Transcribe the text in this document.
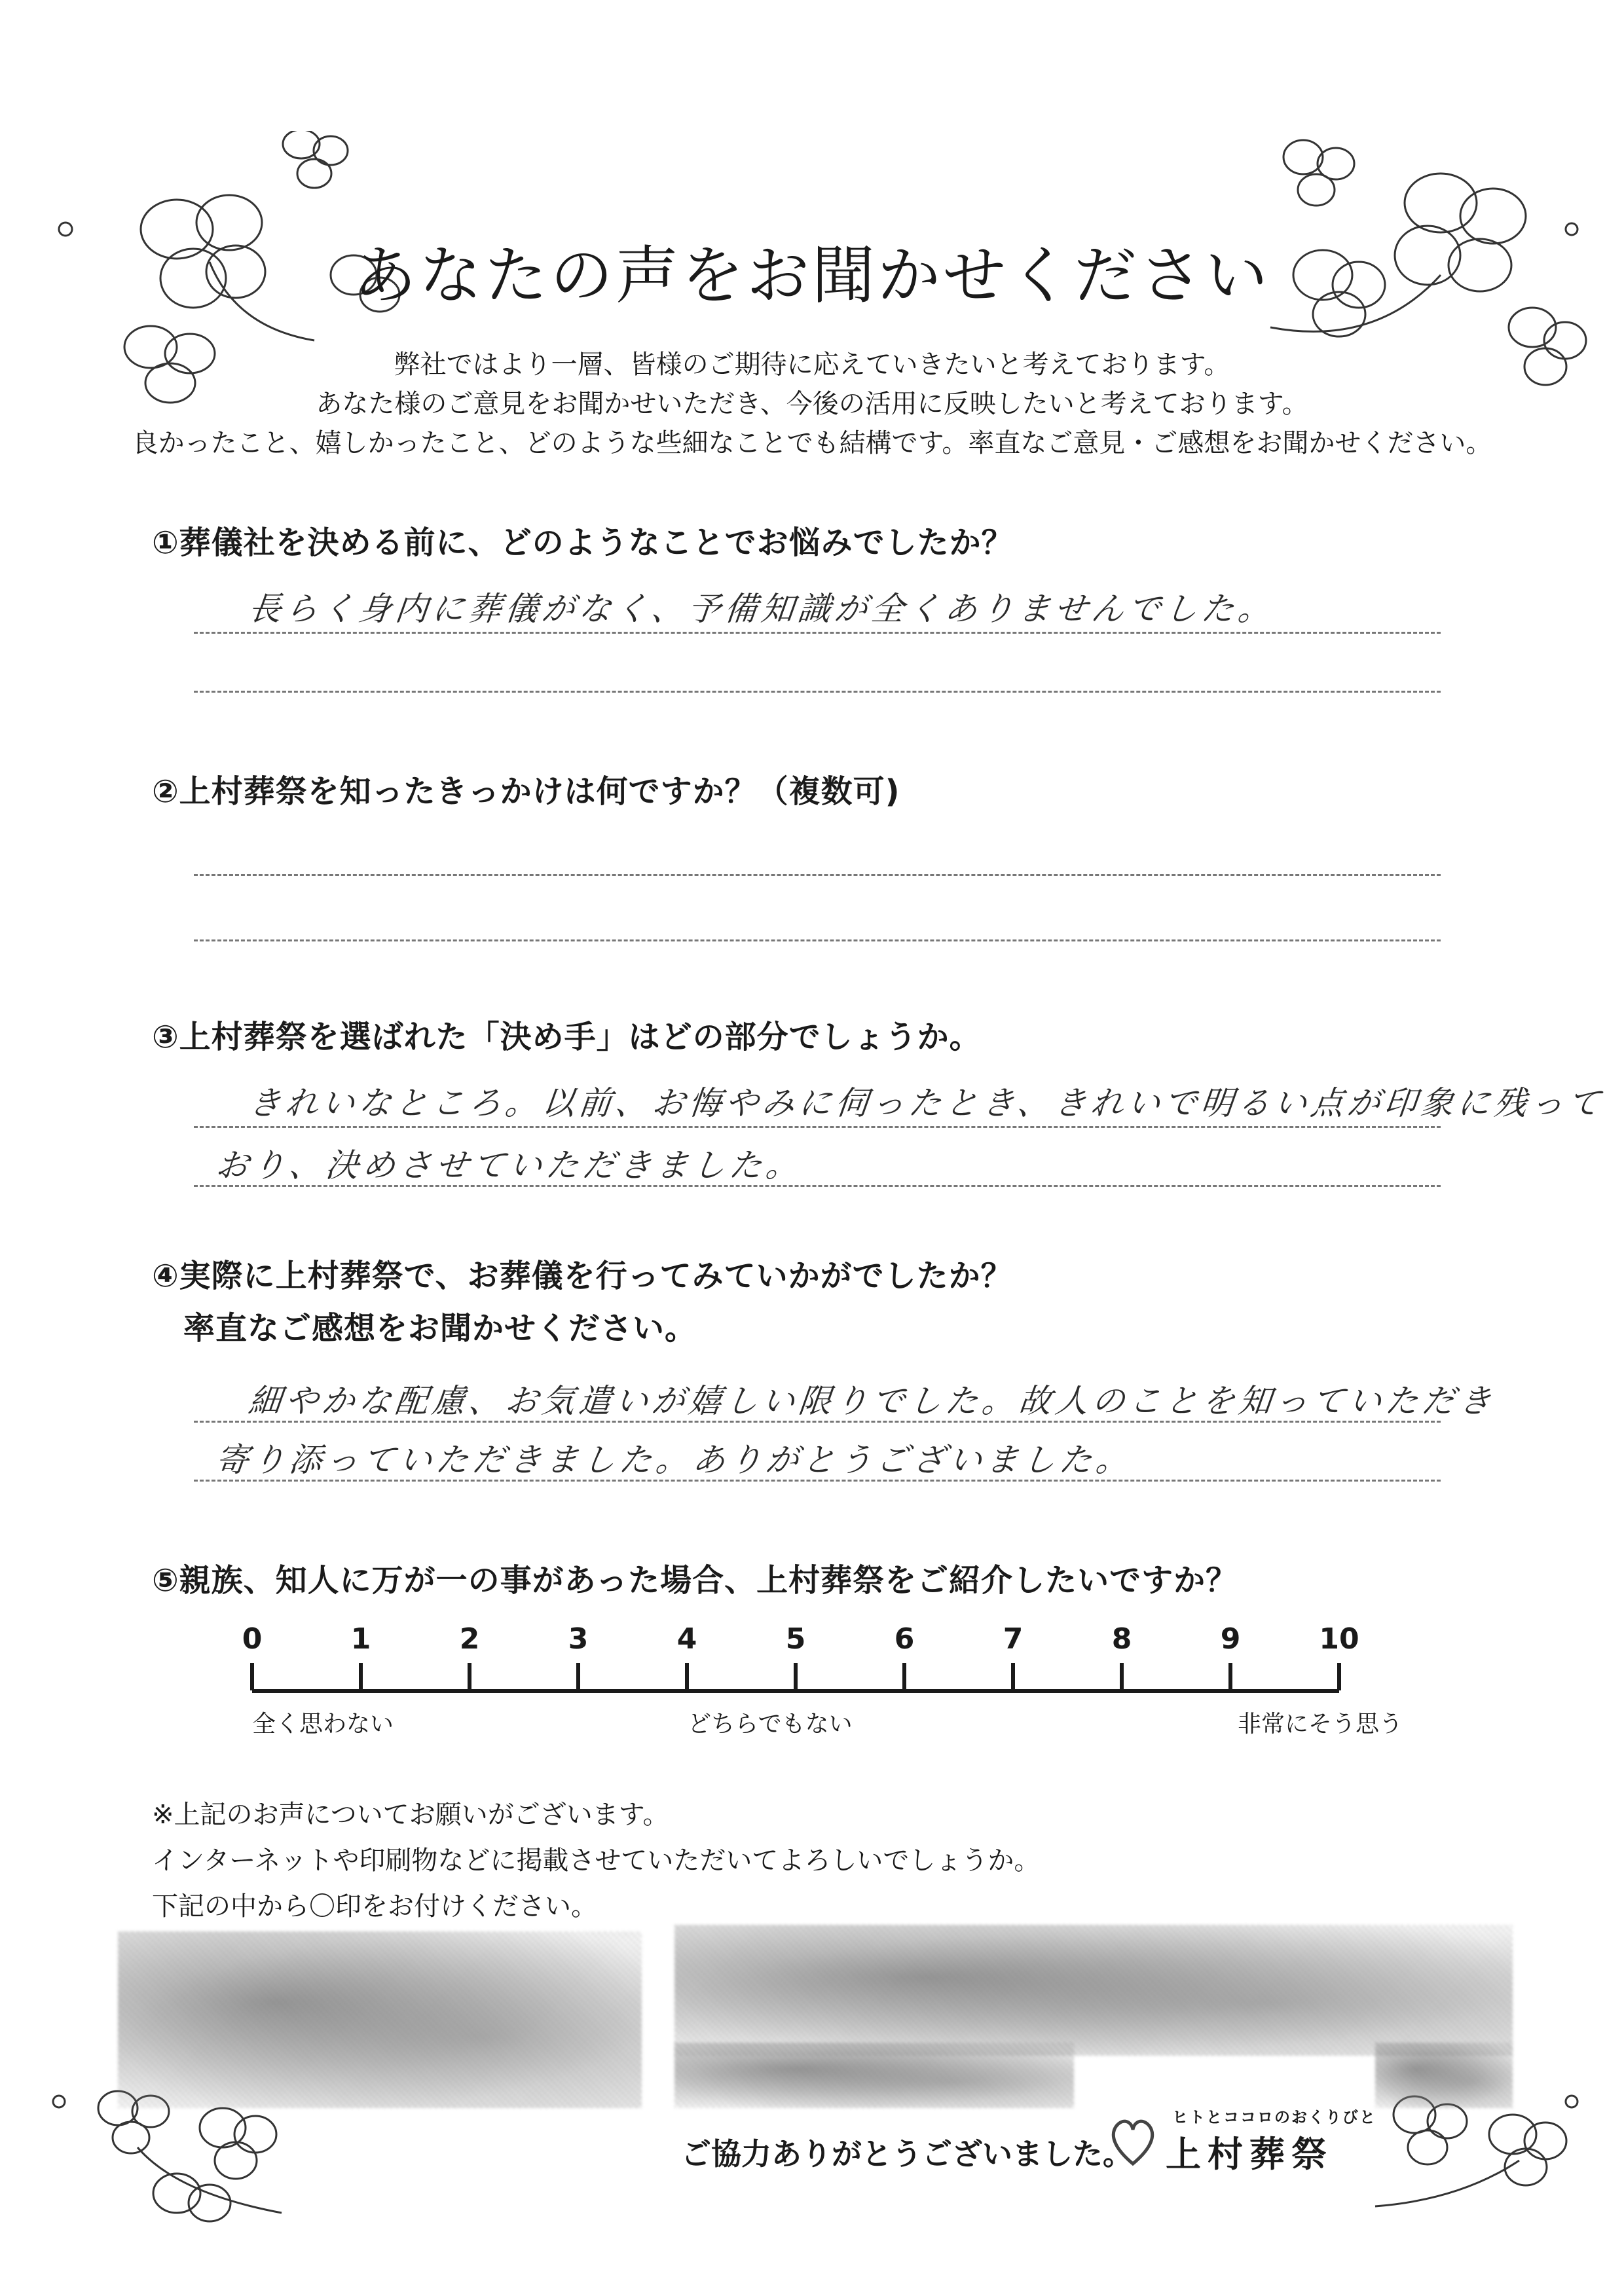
あなたの声をお聞かせください
弊社ではより一層、皆様のご期待に応えていきたいと考えております。
あなた様のご意見をお聞かせいただき、今後の活用に反映したいと考えております。
良かったこと、嬉しかったこと、どのような些細なことでも結構です。率直なご意見・ご感想をお聞かせください。
①葬儀社を決める前に、どのようなことでお悩みでしたか？
長らく身内に葬儀がなく、予備知識が全くありませんでした。
②上村葬祭を知ったきっかけは何ですか？（複数可)
③上村葬祭を選ばれた「決め手」はどの部分でしょうか。
きれいなところ。以前、お悔やみに伺ったとき、きれいで明るい点が印象に残って
おり、決めさせていただきました。
④実際に上村葬祭で、お葬儀を行ってみていかがでしたか？
率直なご感想をお聞かせください。
細やかな配慮、お気遣いが嬉しい限りでした。故人のことを知っていただき
寄り添っていただきました。ありがとうございました。
⑤親族、知人に万が一の事があった場合、上村葬祭をご紹介したいですか？
0	1	2	3	4	5	6	7	8	9	10
全く思わない	どちらでもない	非常にそう思う
※上記のお声についてお願いがございます。
インターネットや印刷物などに掲載させていただいてよろしいでしょうか。
下記の中から〇印をお付けください。
ご協力ありがとうございました。
ヒトとココロのおくりびと
上村葬祭
